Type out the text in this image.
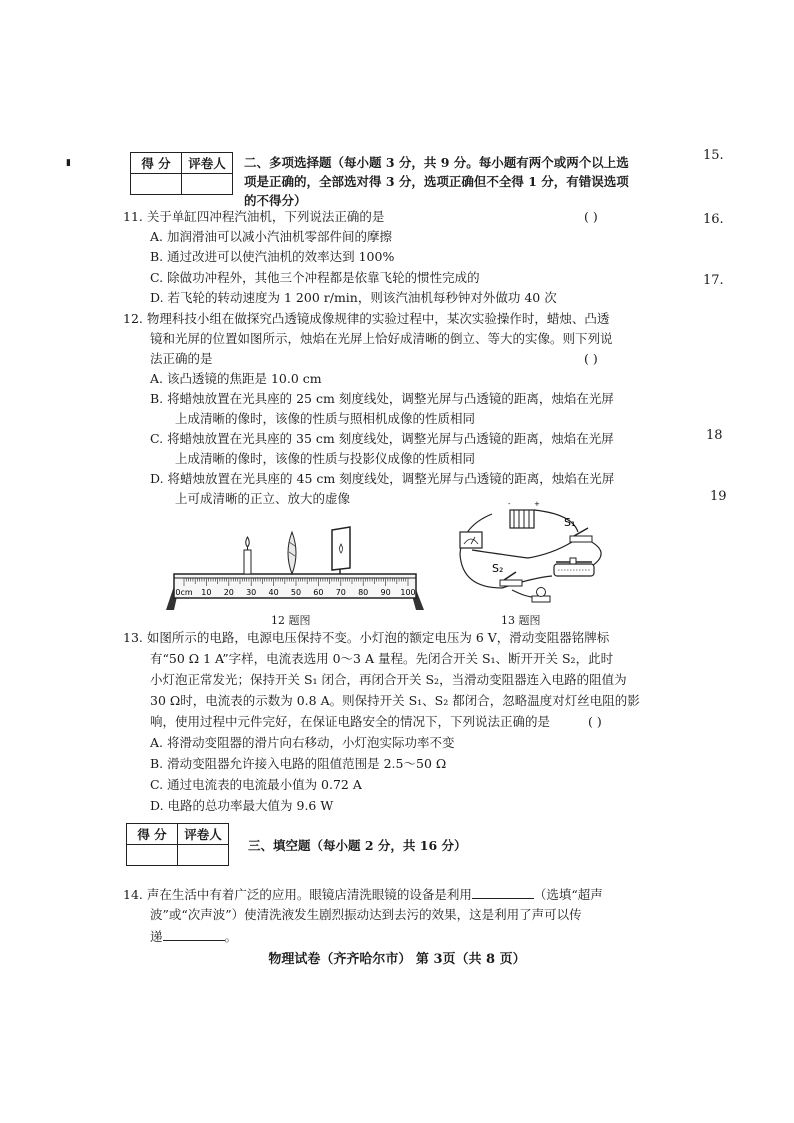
▮	15.
16.
17.
18
19
得 分	评卷人
	二、多项选择题（每小题 3 分，共 9 分。每小题有两个或两个以上选
项是正确的，全部选对得 3 分，选项正确但不全得 1 分，有错误选项
的不得分）
11. 关于单缸四冲程汽油机，下列说法正确的是	( )
A. 加润滑油可以减小汽油机零部件间的摩擦
B. 通过改进可以使汽油机的效率达到 100%
C. 除做功冲程外，其他三个冲程都是依靠飞轮的惯性完成的
D. 若飞轮的转动速度为 1 200 r/min，则该汽油机每秒钟对外做功 40 次
12. 物理科技小组在做探究凸透镜成像规律的实验过程中，某次实验操作时，蜡烛、凸透
镜和光屏的位置如图所示，烛焰在光屏上恰好成清晰的倒立、等大的实像。则下列说
法正确的是	( )
A. 该凸透镜的焦距是 10.0 cm
B. 将蜡烛放置在光具座的 25 cm 刻度线处，调整光屏与凸透镜的距离，烛焰在光屏
上成清晰的像时，该像的性质与照相机成像的性质相同
C. 将蜡烛放置在光具座的 35 cm 刻度线处，调整光屏与凸透镜的距离，烛焰在光屏
上成清晰的像时，该像的性质与投影仪成像的性质相同
D. 将蜡烛放置在光具座的 45 cm 刻度线处，调整光屏与凸透镜的距离，烛焰在光屏
上可成清晰的正立、放大的虚像
0cm 10 20 30 40 50 60 70 80 90 100
12 题图
-	+
S₁
S₂
13 题图
13. 如图所示的电路，电源电压保持不变。小灯泡的额定电压为 6 V，滑动变阻器铭牌标
有“50 Ω 1 A”字样，电流表选用 0～3 A 量程。先闭合开关 S₁、断开开关 S₂，此时
小灯泡正常发光；保持开关 S₁ 闭合，再闭合开关 S₂，当滑动变阻器连入电路的阻值为
30 Ω时，电流表的示数为 0.8 A。则保持开关 S₁、S₂ 都闭合，忽略温度对灯丝电阻的影
响，使用过程中元件完好，在保证电路安全的情况下，下列说法正确的是	( )
A. 将滑动变阻器的滑片向右移动，小灯泡实际功率不变
B. 滑动变阻器允许接入电路的阻值范围是 2.5～50 Ω
C. 通过电流表的电流最小值为 0.72 A
D. 电路的总功率最大值为 9.6 W
得 分	评卷人

三、填空题（每小题 2 分，共 16 分）
14. 声在生活中有着广泛的应用。眼镜店清洗眼镜的设备是利用	（选填“超声
波”或“次声波”）使清洗液发生剧烈振动达到去污的效果，这是利用了声可以传
递	。
物理试卷（齐齐哈尔市） 第 3页（共 8 页）
